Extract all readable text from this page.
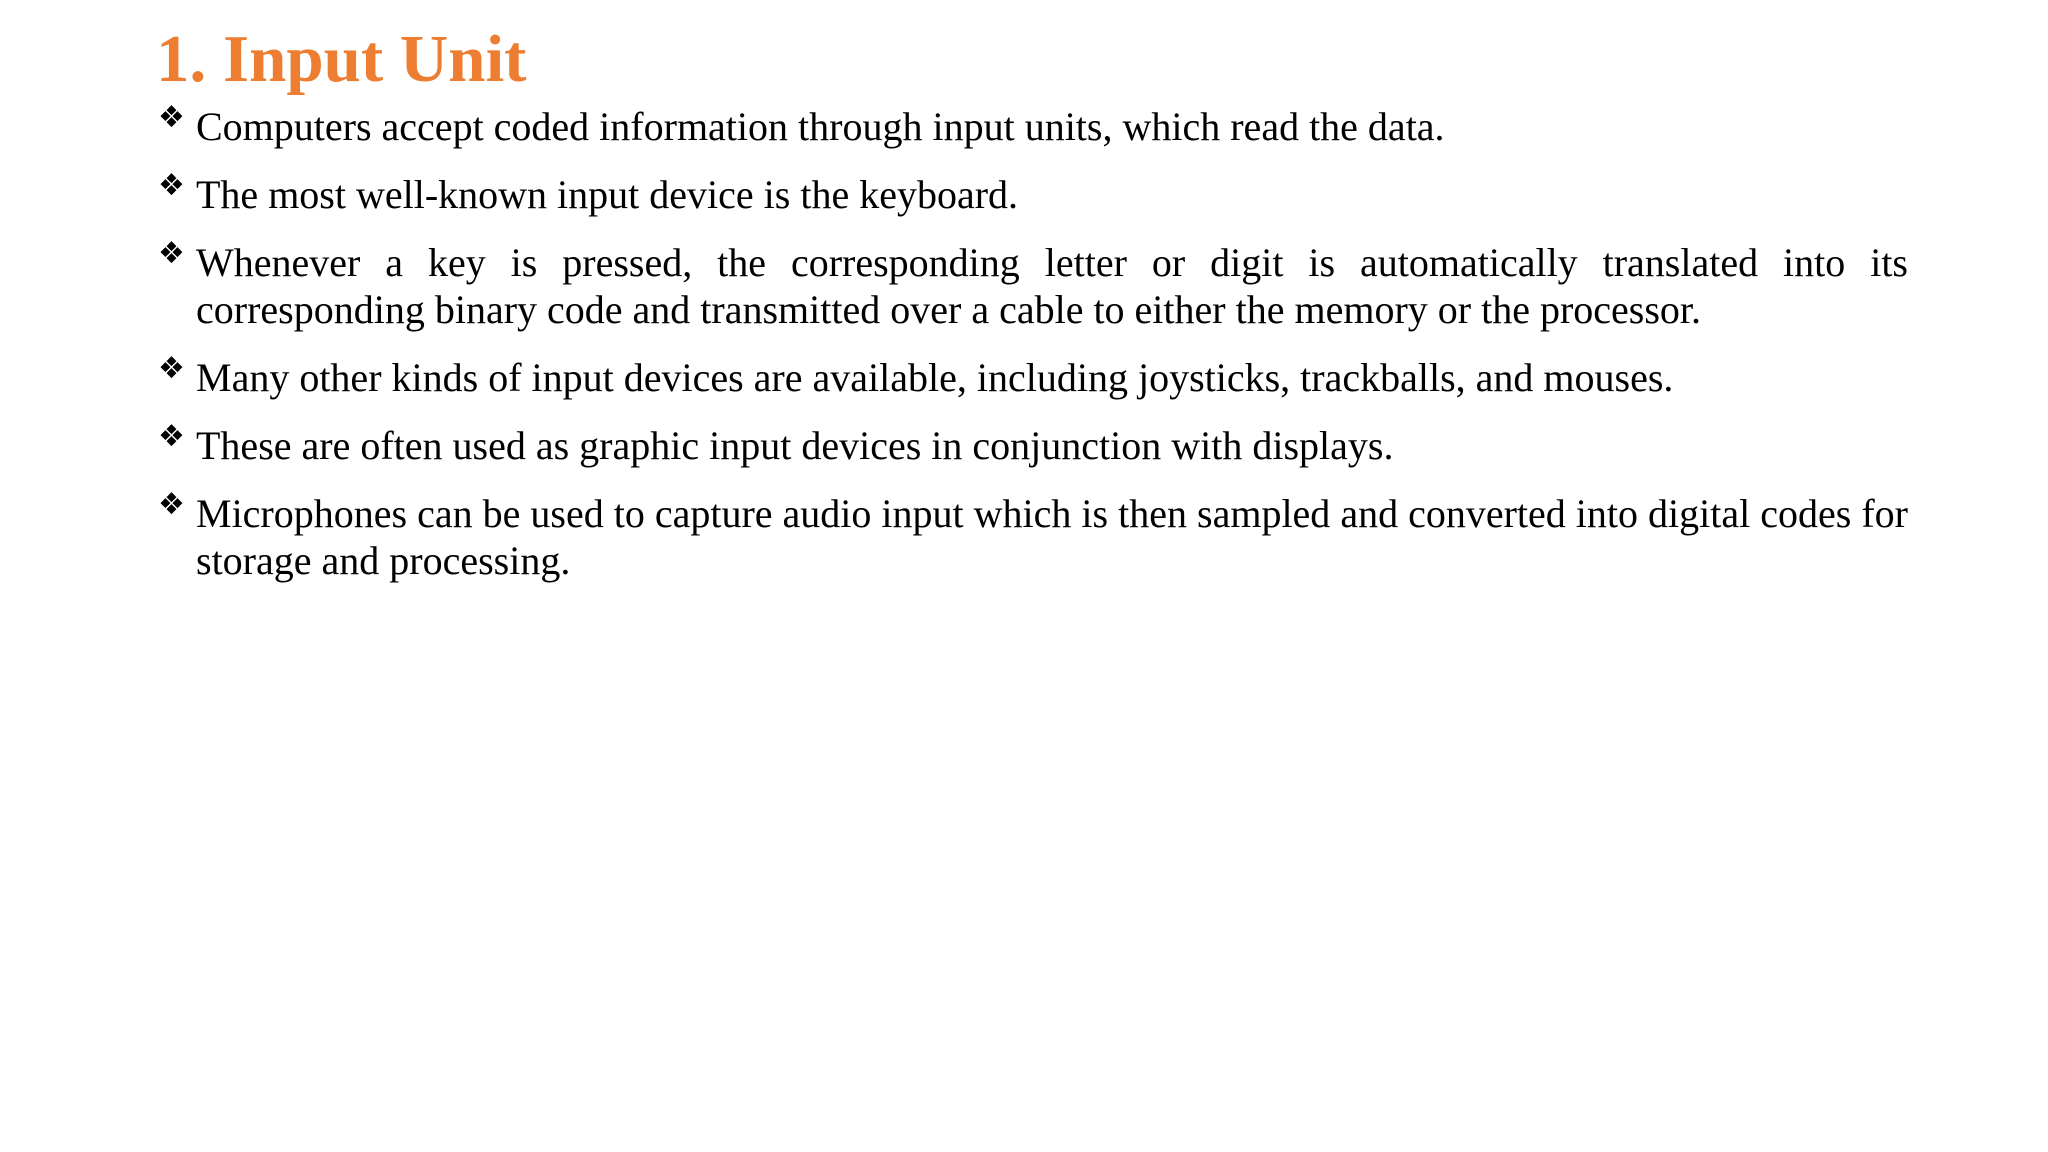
1. Input Unit
❖ Computers accept coded information through input units, which read the data.
❖ The most well-known input device is the keyboard.
❖ Whenever a key is pressed, the corresponding letter or digit is automatically translated into its corresponding binary code and transmitted over a cable to either the memory or the processor.
❖ Many other kinds of input devices are available, including joysticks, trackballs, and mouses.
❖ These are often used as graphic input devices in conjunction with displays.
❖ Microphones can be used to capture audio input which is then sampled and converted into digital codes for storage and processing.
